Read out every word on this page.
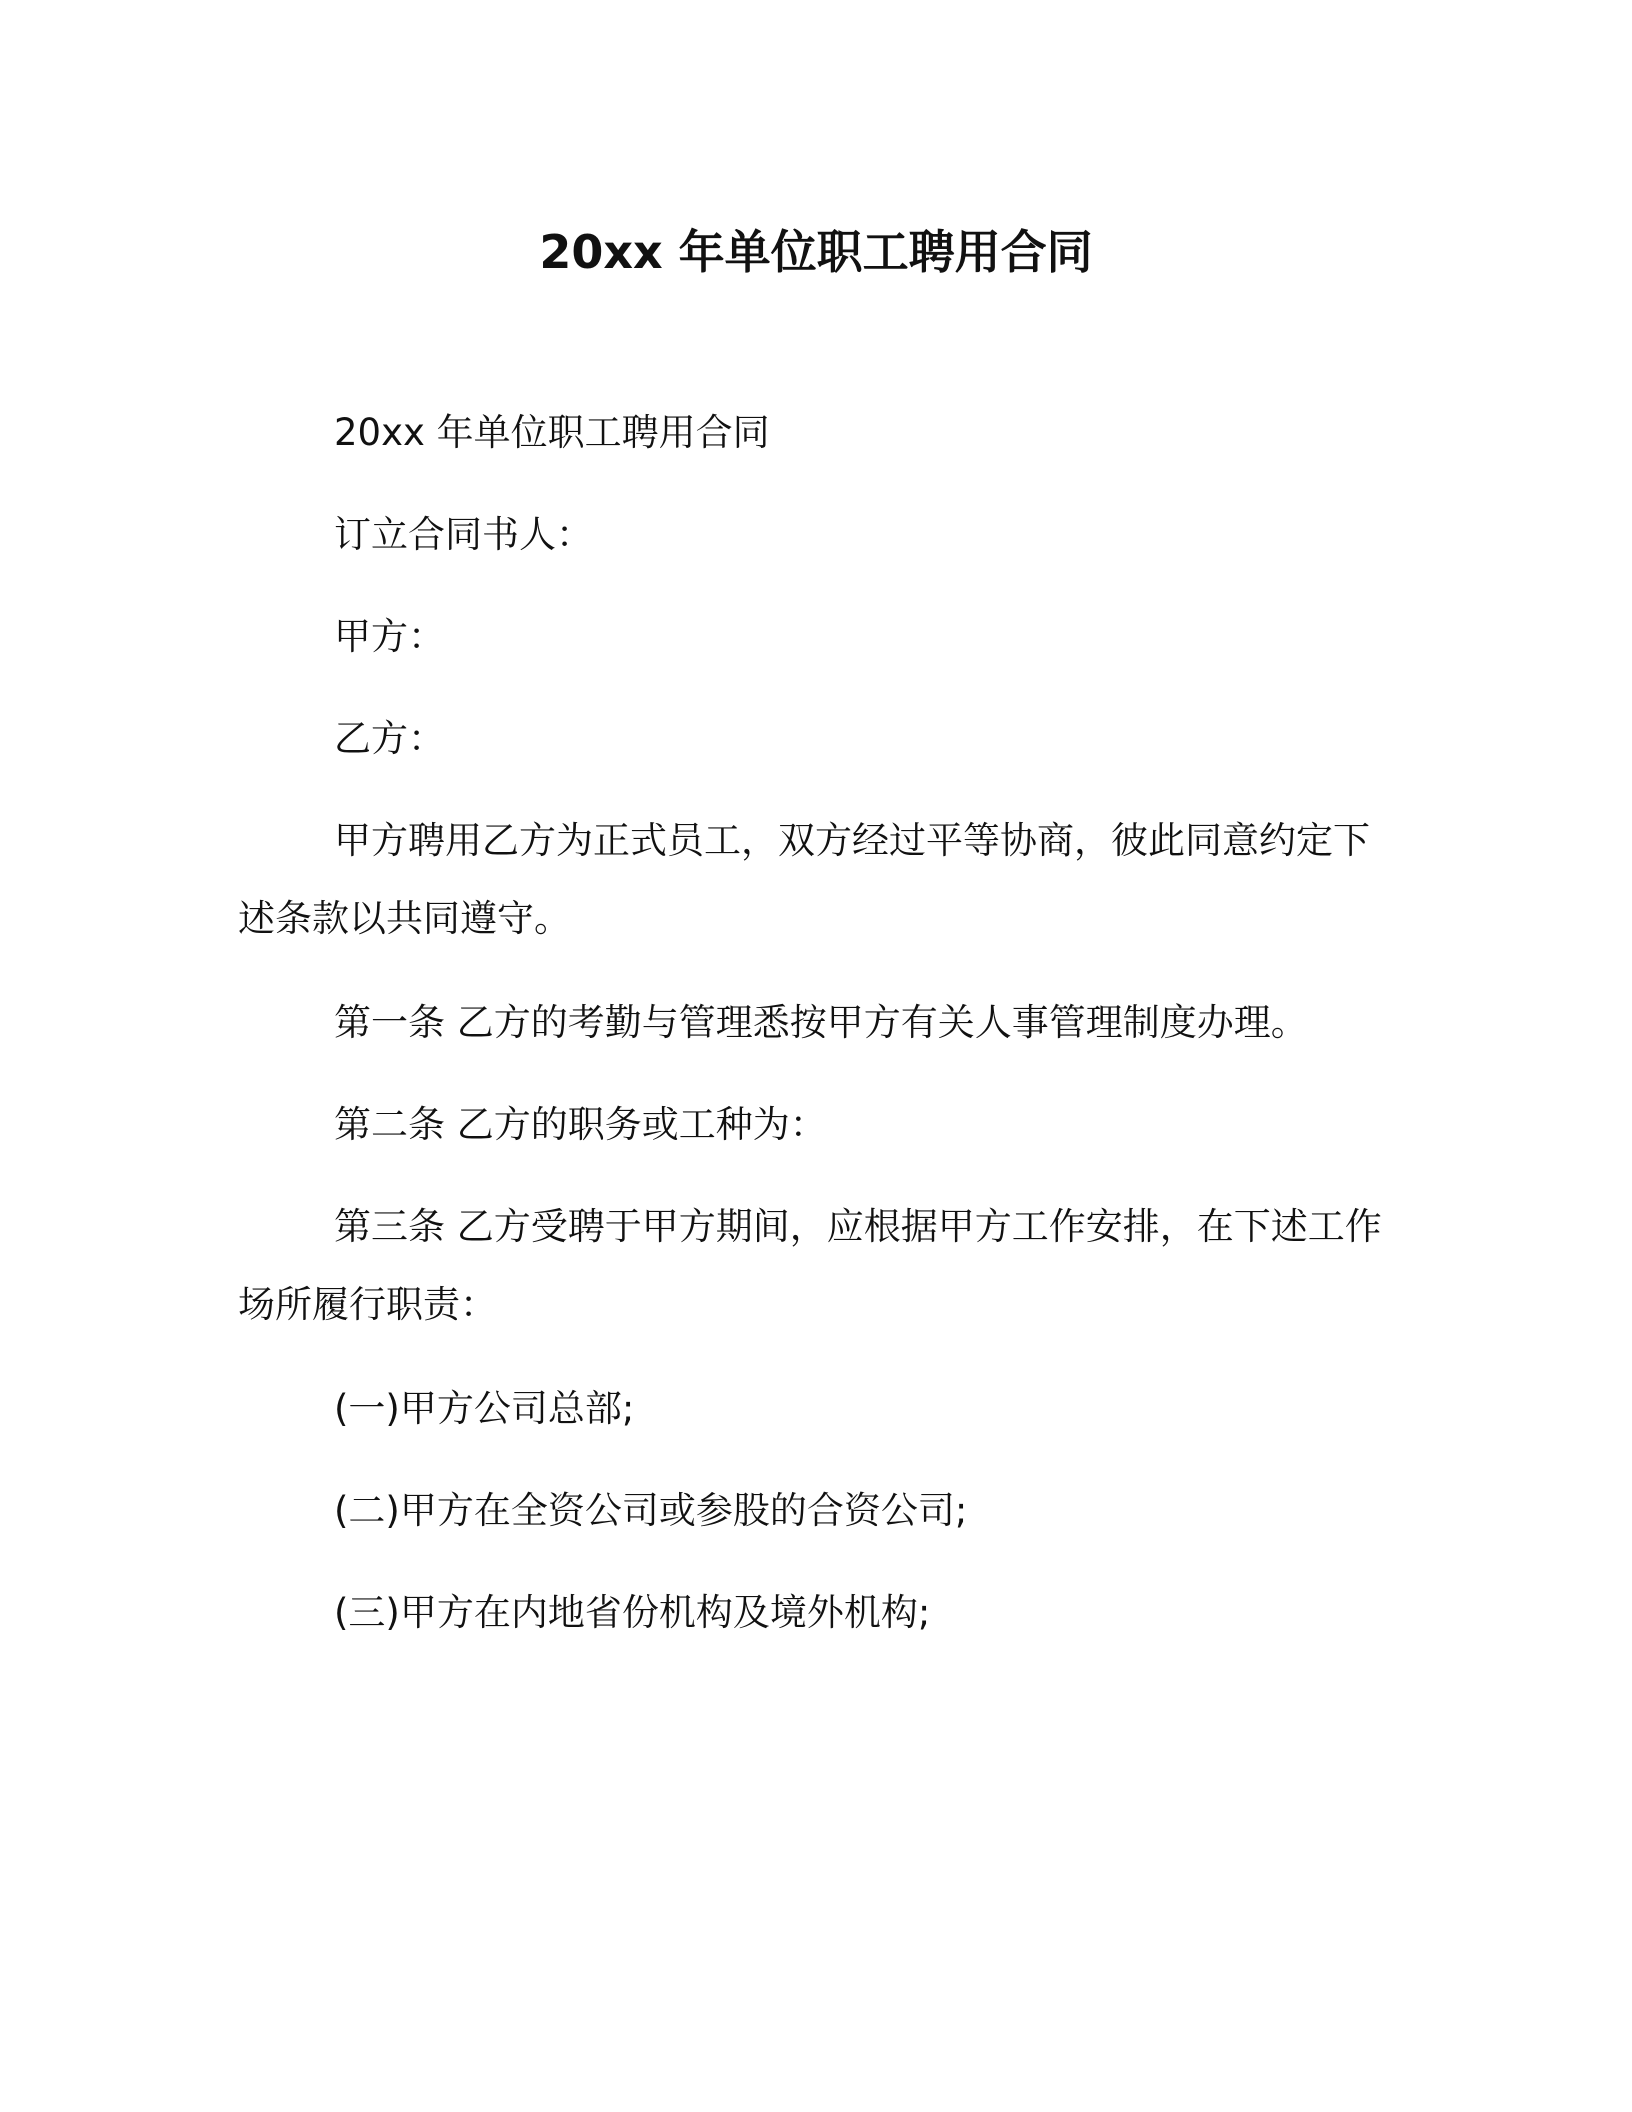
20xx 年单位职工聘用合同
20xx 年单位职工聘用合同
订立合同书人：
甲方：
乙方：
甲方聘用乙方为正式员工，双方经过平等协商，彼此同意约定下
述条款以共同遵守。
第一条 乙方的考勤与管理悉按甲方有关人事管理制度办理。
第二条 乙方的职务或工种为：
第三条 乙方受聘于甲方期间，应根据甲方工作安排，在下述工作
场所履行职责：
(一)甲方公司总部;
(二)甲方在全资公司或参股的合资公司;
(三)甲方在内地省份机构及境外机构;
